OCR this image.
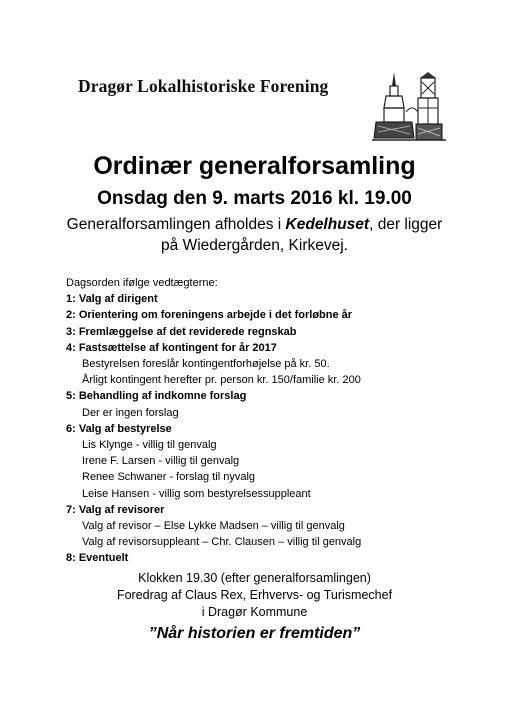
Dragør Lokalhistoriske Forening
Ordinær generalforsamling
Onsdag den 9. marts 2016 kl. 19.00
Generalforsamlingen afholdes i Kedelhuset, der ligger
på Wiedergården, Kirkevej.
Dagsorden ifølge vedtægterne:
1: Valg af dirigent
2: Orientering om foreningens arbejde i det forløbne år
3: Fremlæggelse af det reviderede regnskab
4: Fastsættelse af kontingent for år 2017
Bestyrelsen foreslår kontingentforhøjelse på kr. 50.
Årligt kontingent herefter pr. person kr. 150/familie kr. 200
5: Behandling af indkomne forslag
Der er ingen forslag
6: Valg af bestyrelse
Lis Klynge - villig til genvalg
Irene F. Larsen - villig til genvalg
Renee Schwaner - forslag til nyvalg
Leise Hansen - villig som bestyrelsessuppleant
7: Valg af revisorer
Valg af revisor – Else Lykke Madsen – villig til genvalg
Valg af revisorsuppleant – Chr. Clausen – villig til genvalg
8: Eventuelt
Klokken 19.30 (efter generalforsamlingen)
Foredrag af Claus Rex, Erhvervs- og Turismechef
i Dragør Kommune
”Når historien er fremtiden”
